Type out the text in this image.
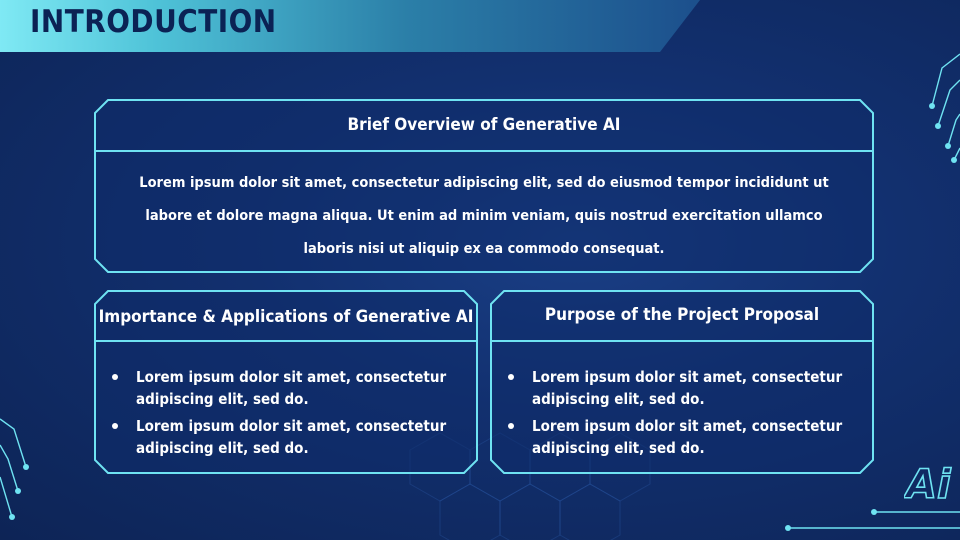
INTRODUCTION
Brief Overview of Generative AI

Lorem ipsum dolor sit amet, consectetur adipiscing elit, sed do eiusmod tempor incididunt ut labore et dolore magna aliqua. Ut enim ad minim veniam, quis nostrud exercitation ullamco laboris nisi ut aliquip ex ea commodo consequat.

Importance & Applications of Generative AI
Lorem ipsum dolor sit amet, consectetur adipiscing elit, sed do.
Lorem ipsum dolor sit amet, consectetur adipiscing elit, sed do.
Purpose of the Project Proposal
Lorem ipsum dolor sit amet, consectetur adipiscing elit, sed do.
Lorem ipsum dolor sit amet, consectetur adipiscing elit, sed do.
Ai
